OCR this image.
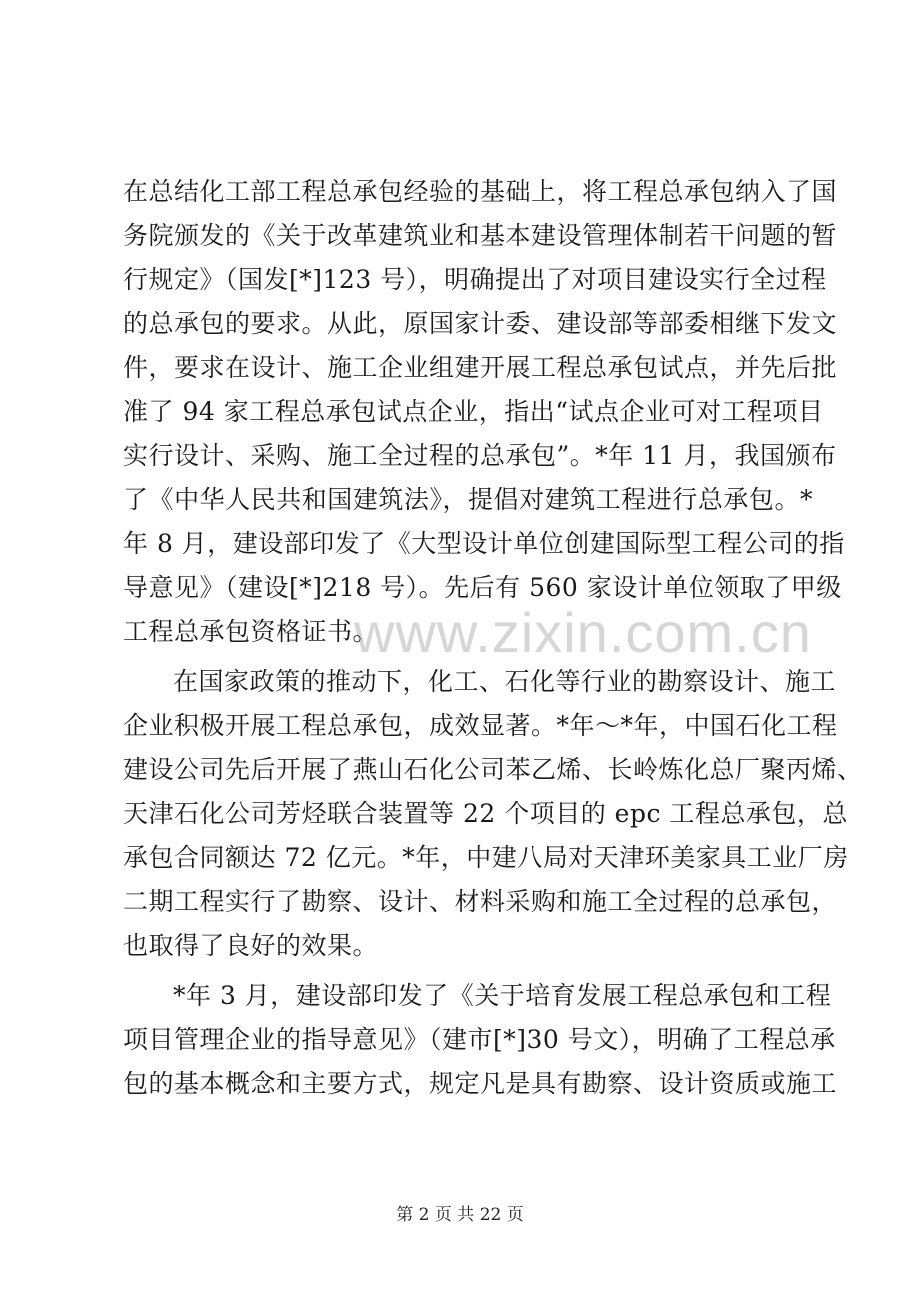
www.zixin.com.cn
在总结化工部工程总承包经验的基础上，将工程总承包纳入了国
务院颁发的《关于改革建筑业和基本建设管理体制若干问题的暂
行规定》（国发[*]123 号），明确提出了对项目建设实行全过程
的总承包的要求。从此，原国家计委、建设部等部委相继下发文
件，要求在设计、施工企业组建开展工程总承包试点，并先后批
准了 94 家工程总承包试点企业，指出“试点企业可对工程项目
实行设计、采购、施工全过程的总承包”。*年 11 月，我国颁布
了《中华人民共和国建筑法》，提倡对建筑工程进行总承包。*
年 8 月，建设部印发了《大型设计单位创建国际型工程公司的指
导意见》（建设[*]218 号）。先后有 560 家设计单位领取了甲级
工程总承包资格证书。
在国家政策的推动下，化工、石化等行业的勘察设计、施工
企业积极开展工程总承包，成效显著。*年～*年，中国石化工程
建设公司先后开展了燕山石化公司苯乙烯、长岭炼化总厂聚丙烯、
天津石化公司芳烃联合装置等 22 个项目的 epc 工程总承包，总
承包合同额达 72 亿元。*年，中建八局对天津环美家具工业厂房
二期工程实行了勘察、设计、材料采购和施工全过程的总承包，
也取得了良好的效果。
*年 3 月，建设部印发了《关于培育发展工程总承包和工程
项目管理企业的指导意见》（建市[*]30 号文），明确了工程总承
包的基本概念和主要方式，规定凡是具有勘察、设计资质或施工
第 2 页 共 22 页
